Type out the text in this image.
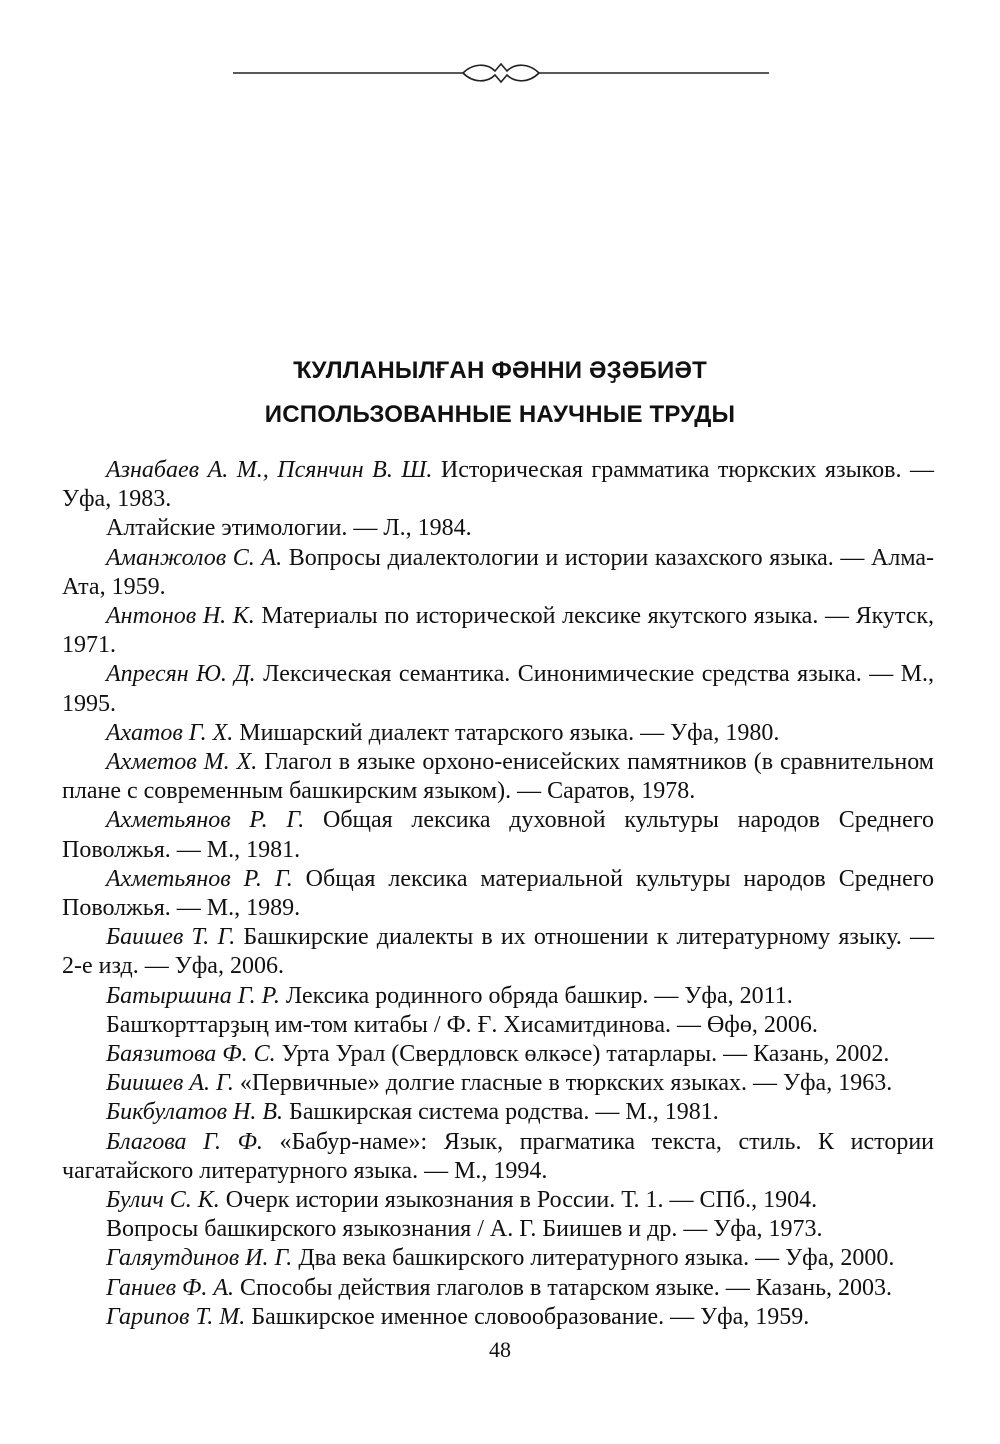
ҠУЛЛАНЫЛҒАН ФӘННИ ӘҘӘБИӘТ
ИСПОЛЬЗОВАННЫЕ НАУЧНЫЕ ТРУДЫ
Азнабаев А. М., Псянчин В. Ш. Историческая грамматика тюркских языков. — Уфа, 1983.
Алтайские этимологии. — Л., 1984.
Аманжолов С. А. Вопросы диалектологии и истории казахского языка. — Алма-Ата, 1959.
Антонов Н. К. Материалы по исторической лексике якутского языка. — Якутск, 1971.
Апресян Ю. Д. Лексическая семантика. Синонимические средства языка. — М., 1995.
Ахатов Г. Х. Мишарский диалект татарского языка. — Уфа, 1980.
Ахметов М. Х. Глагол в языке орхоно-енисейских памятников (в сравнительном плане с современным башкирским языком). — Саратов, 1978.
Ахметьянов Р. Г. Общая лексика духовной культуры народов Среднего Поволжья. — М., 1981.
Ахметьянов Р. Г. Общая лексика материальной культуры народов Среднего Поволжья. — М., 1989.
Баишев Т. Г. Башкирские диалекты в их отношении к литературному языку. — 2-е изд. — Уфа, 2006.
Батыршина Г. Р. Лексика родинного обряда башкир. — Уфа, 2011.
Башҡорттарҙың им-том китабы / Ф. Ғ. Хисамитдинова. — Өфө, 2006.
Баязитова Ф. С. Урта Урал (Свердловск өлкәсе) татарлары. — Казань, 2002.
Биишев А. Г. «Первичные» долгие гласные в тюркских языках. — Уфа, 1963.
Бикбулатов Н. В. Башкирская система родства. — М., 1981.
Благова Г. Ф. «Бабур-наме»: Язык, прагматика текста, стиль. К истории чагатайского литературного языка. — М., 1994.
Булич С. К. Очерк истории языкознания в России. Т. 1. — СПб., 1904.
Вопросы башкирского языкознания / А. Г. Биишев и др. — Уфа, 1973.
Галяутдинов И. Г. Два века башкирского литературного языка. — Уфа, 2000.
Ганиев Ф. А. Способы действия глаголов в татарском языке. — Казань, 2003.
Гарипов Т. М. Башкирское именное словообразование. — Уфа, 1959.
48
